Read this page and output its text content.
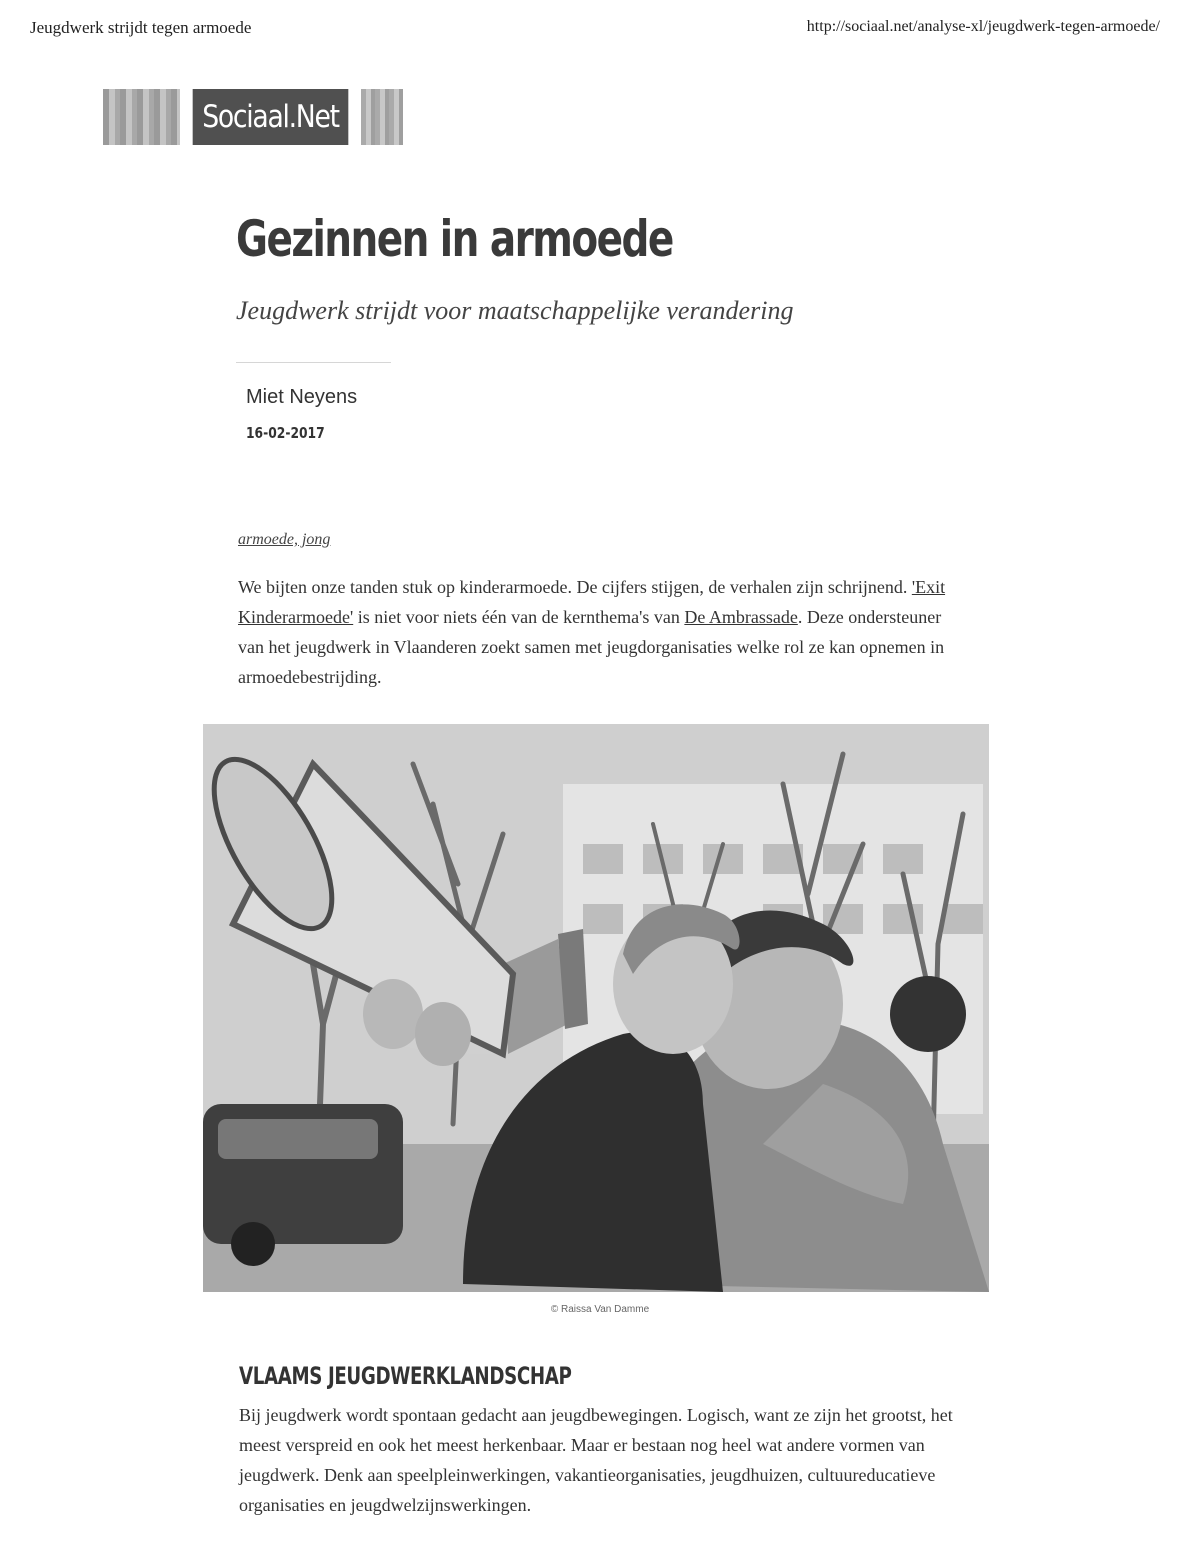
Jeugdwerk strijdt tegen armoede	http://sociaal.net/analyse-xl/jeugdwerk-tegen-armoede/
Sociaal.Net
Gezinnen in armoede
Jeugdwerk strijdt voor maatschappelijke verandering
Miet Neyens
16-02-2017
armoede, jong

We bijten onze tanden stuk op kinderarmoede. De cijfers stijgen, de verhalen zijn schrijnend. 'Exit Kinderarmoede' is niet voor niets één van de kernthema's van De Ambrassade. Deze ondersteuner van het jeugdwerk in Vlaanderen zoekt samen met jeugdorganisaties welke rol ze kan opnemen in armoedebestrijding.

© Raissa Van Damme
VLAAMS JEUGDWERKLANDSCHAP

Bij jeugdwerk wordt spontaan gedacht aan jeugdbewegingen. Logisch, want ze zijn het grootst, het meest verspreid en ook het meest herkenbaar. Maar er bestaan nog heel wat andere vormen van jeugdwerk. Denk aan speelpleinwerkingen, vakantieorganisaties, jeugdhuizen, cultuureducatieve organisaties en jeugdwelzijnswerkingen.
